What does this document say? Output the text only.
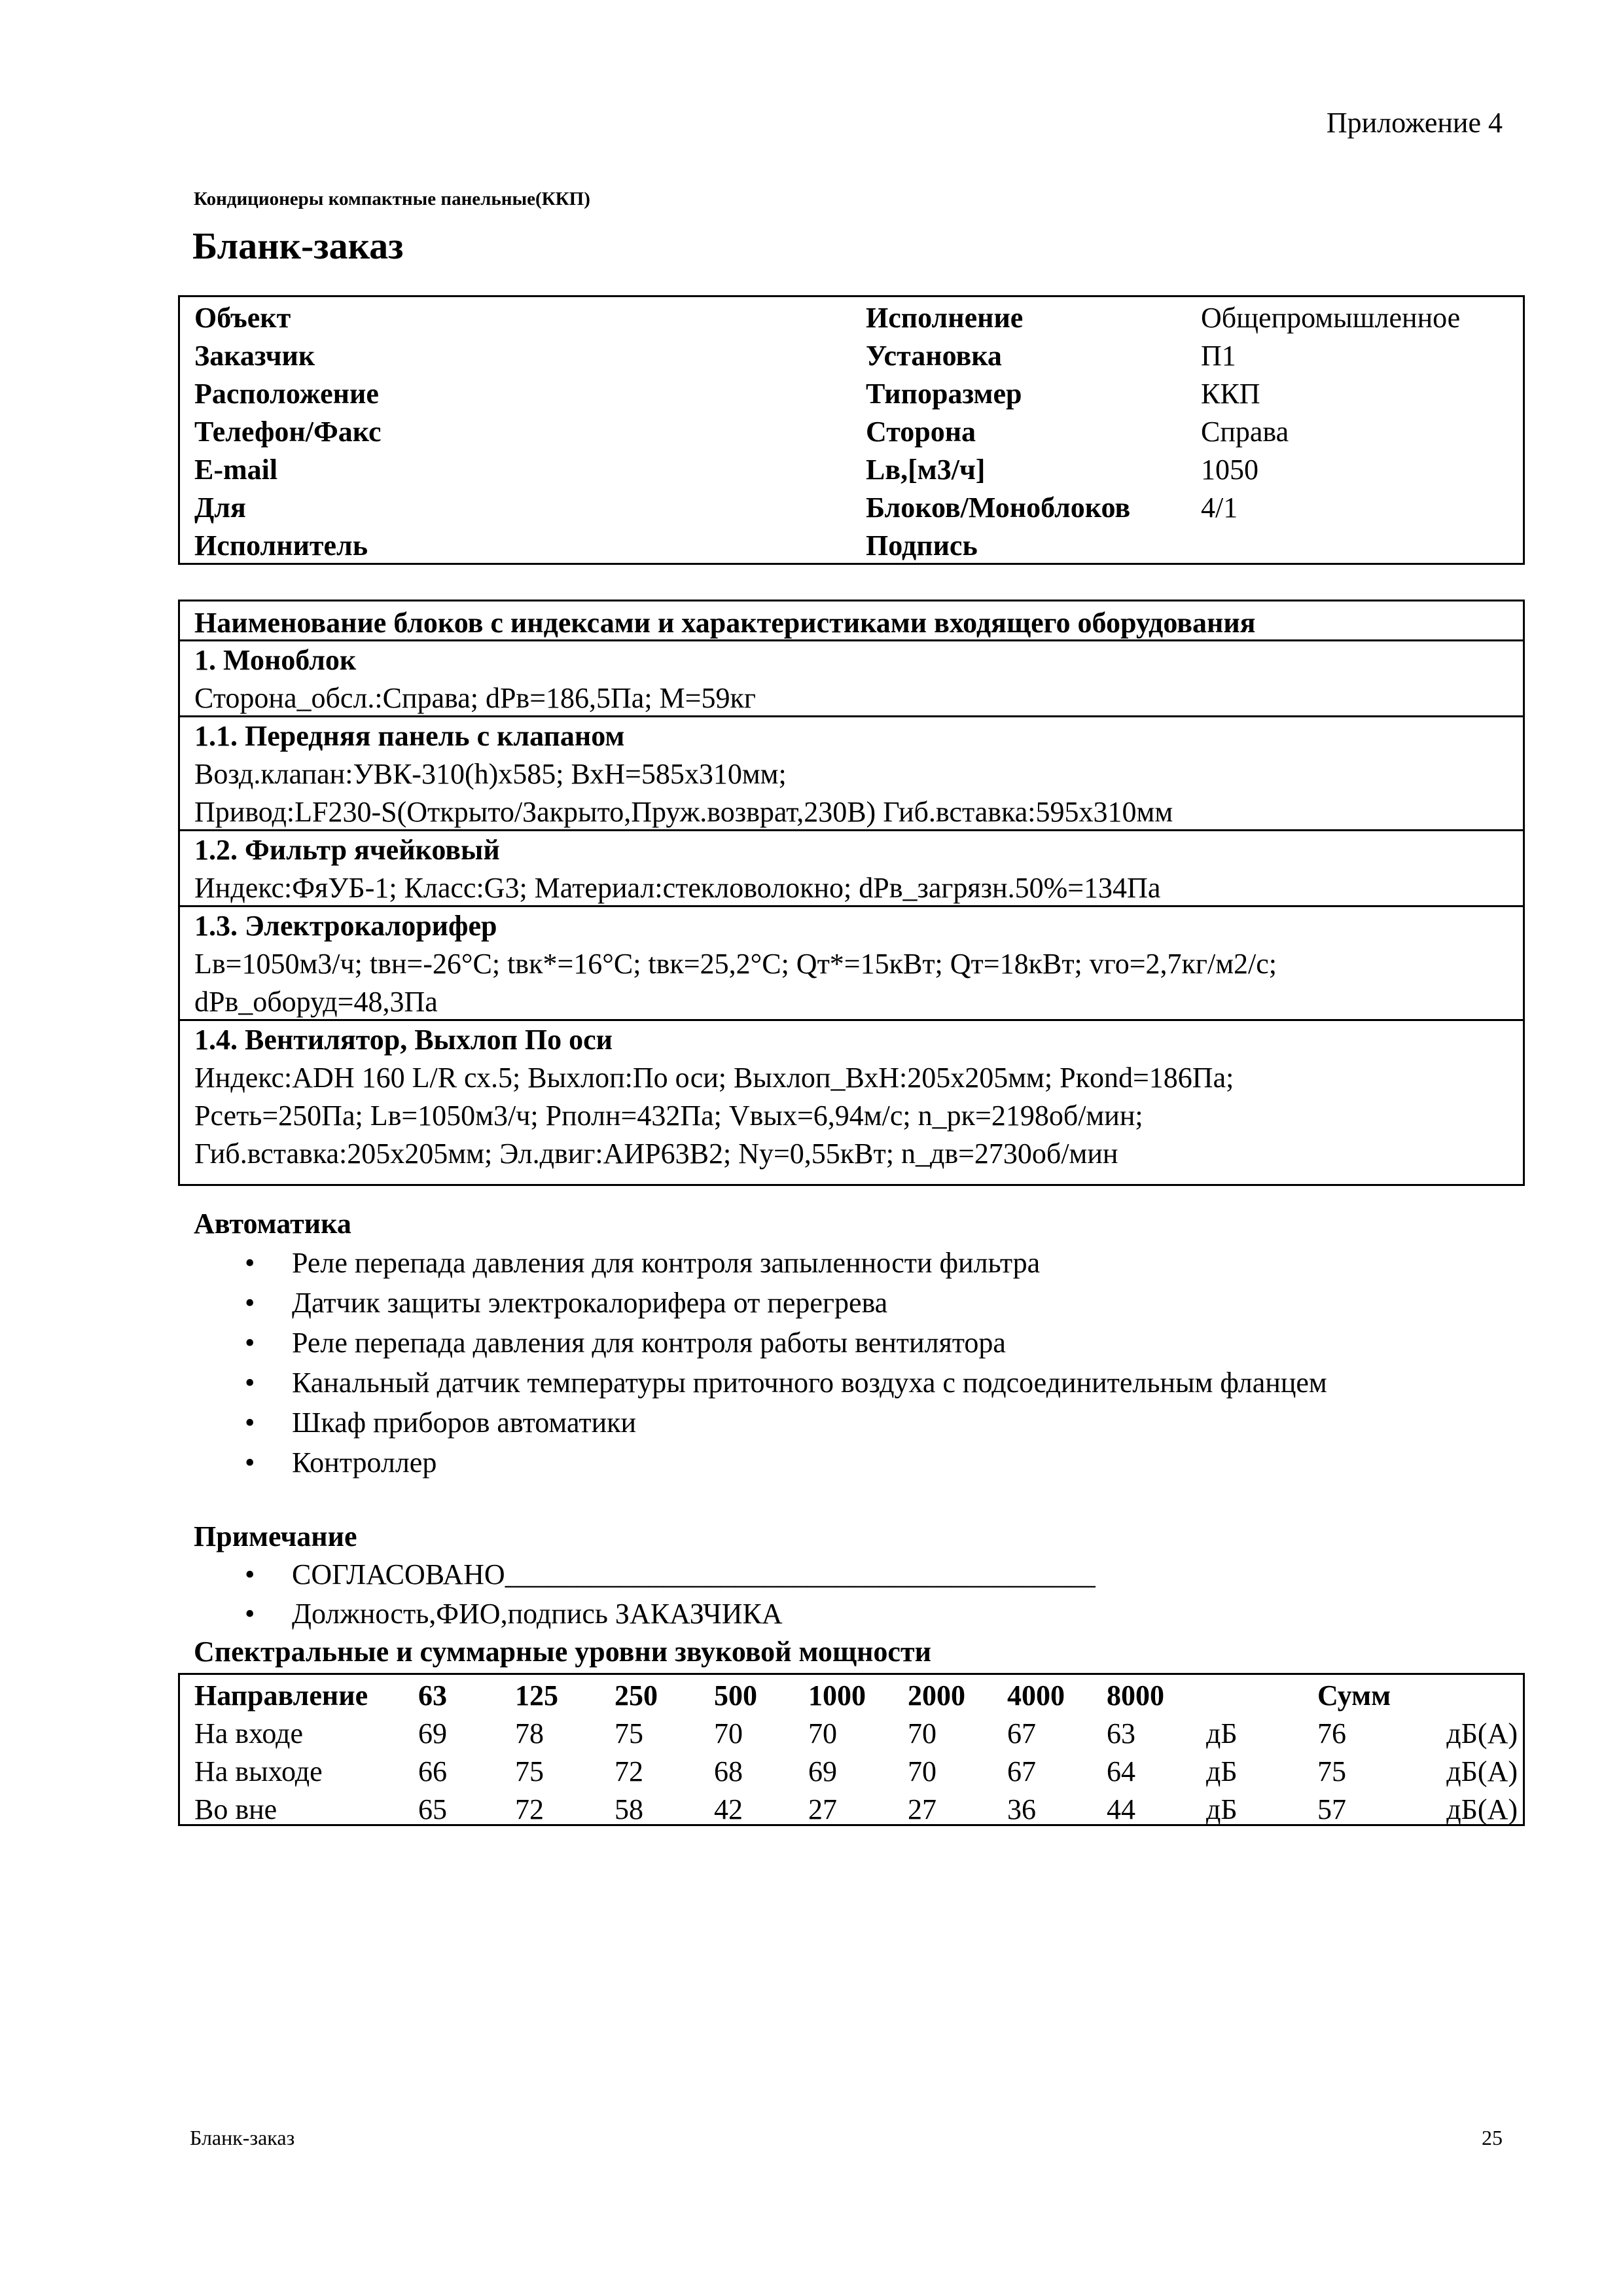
Приложение 4
Кондиционеры компактные панельные(ККП)
Бланк-заказ
Объект	Исполнение	Общепромышленное
Заказчик	Установка	П1
Расположение	Типоразмер	ККП
Телефон/Факс	Сторона	Справа
E-mail	Lв,[м3/ч]	1050
Для	Блоков/Моноблоков 4/1
Исполнитель	Подпись
Наименование блоков с индексами и характеристиками входящего оборудования
1. Моноблок
Сторона_обсл.:Справа; dPв=186,5Па; М=59кг
1.1. Передняя панель с клапаном
Возд.клапан:УВК-310(h)x585; ВхН=585x310мм;
Привод:LF230-S(Открыто/Закрыто,Пруж.возврат,230В) Гиб.вставка:595x310мм
1.2. Фильтр ячейковый
Индекс:ФяУБ-1; Класс:G3; Материал:стекловолокно; dPв_загрязн.50%=134Па
1.3. Электрокалорифер
Lв=1050м3/ч; tвн=-26°C; tвк*=16°C; tвк=25,2°C; Qт*=15кВт; Qт=18кВт; vго=2,7кг/м2/с;
dPв_оборуд=48,3Па
1.4. Вентилятор, Выхлоп По оси
Индекс:ADH 160 L/R сх.5; Выхлоп:По оси; Выхлоп_ВхН:205x205мм; Ркond=186Па;
Рсеть=250Па; Lв=1050м3/ч; Рполн=432Па; Vвых=6,94м/с; n_рк=2198об/мин;
Гиб.вставка:205x205мм; Эл.двиг:АИР63В2; Ny=0,55кВт; n_дв=2730об/мин
Автоматика
• Реле перепада давления для контроля запыленности фильтра
• Датчик защиты электрокалорифера от перегрева
• Реле перепада давления для контроля работы вентилятора
• Канальный датчик температуры приточного воздуха с подсоединительным фланцем
• Шкаф приборов автоматики
• Контроллер
Примечание
• СОГЛАСОВАНО_________________________________________
• Должность,ФИО,подпись ЗАКАЗЧИКА
Спектральные и суммарные уровни звуковой мощности
Направление 63 125 250 500 1000 2000 4000 8000	Сумм
На входе	69 78 75 70 70 70 67 63 дБ	76	дБ(А)
На выходе	66 75 72 68 69 70 67 64 дБ	75	дБ(А)
Во вне	65 72 58 42 27 27 36 44 дБ	57	дБ(А)
Бланк-заказ	25
